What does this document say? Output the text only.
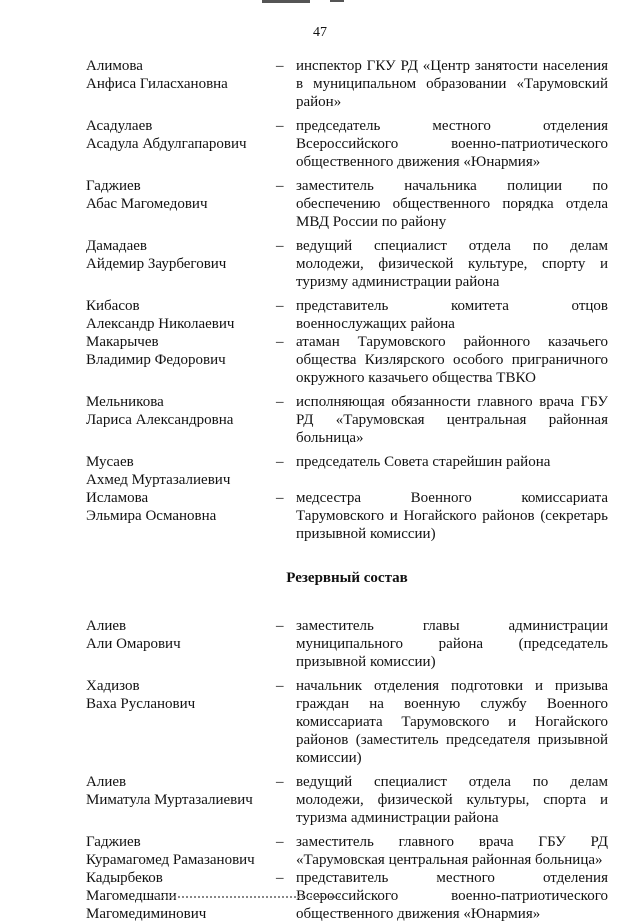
47
Алимова
Анфиса Гиласхановна
– инспектор ГКУ РД «Центр занятости населения
в муниципальном образовании «Тарумовский
район»
Асадулаев
Асадула Абдулгапарович
– председатель местного отделения
Всероссийского военно-патриотического
общественного движения «Юнармия»
Гаджиев
Абас Магомедович
– заместитель начальника полиции по
обеспечению общественного порядка отдела
МВД России по району
Дамадаев
Айдемир Заурбегович
– ведущий специалист отдела по делам
молодежи, физической культуре, спорту и
туризму администрации района
Кибасов
Александр Николаевич
– представитель комитета отцов
военнослужащих района
Макарычев
Владимир Федорович
– атаман Тарумовского районного казачьего
общества Кизлярского особого приграничного
окружного казачьего общества ТВКО
Мельникова
Лариса Александровна
– исполняющая обязанности главного врача ГБУ
РД «Тарумовская центральная районная
больница»
Мусаев
Ахмед Муртазалиевич
– председатель Совета старейшин района
Исламова
Эльмира Османовна
– медсестра Военного комиссариата
Тарумовского и Ногайского районов (секретарь
призывной комиссии)
Резервный состав
Алиев
Али Омарович
– заместитель главы администрации
муниципального района (председатель
призывной комиссии)
Хадизов
Ваха Русланович
– начальник отделения подготовки и призыва
граждан на военную службу Военного
комиссариата Тарумовского и Ногайского
районов (заместитель председателя призывной
комиссии)
Алиев
Миматула Муртазалиевич
– ведущий специалист отдела по делам
молодежи, физической культуры, спорта и
туризма администрации района
Гаджиев
Курамагомед Рамазанович
– заместитель главного врача ГБУ РД
«Тарумовская центральная районная больница»
Кадырбеков
Магомедшапи
Магомедиминович
– представитель местного отделения
Всероссийского военно-патриотического
общественного движения «Юнармия»
